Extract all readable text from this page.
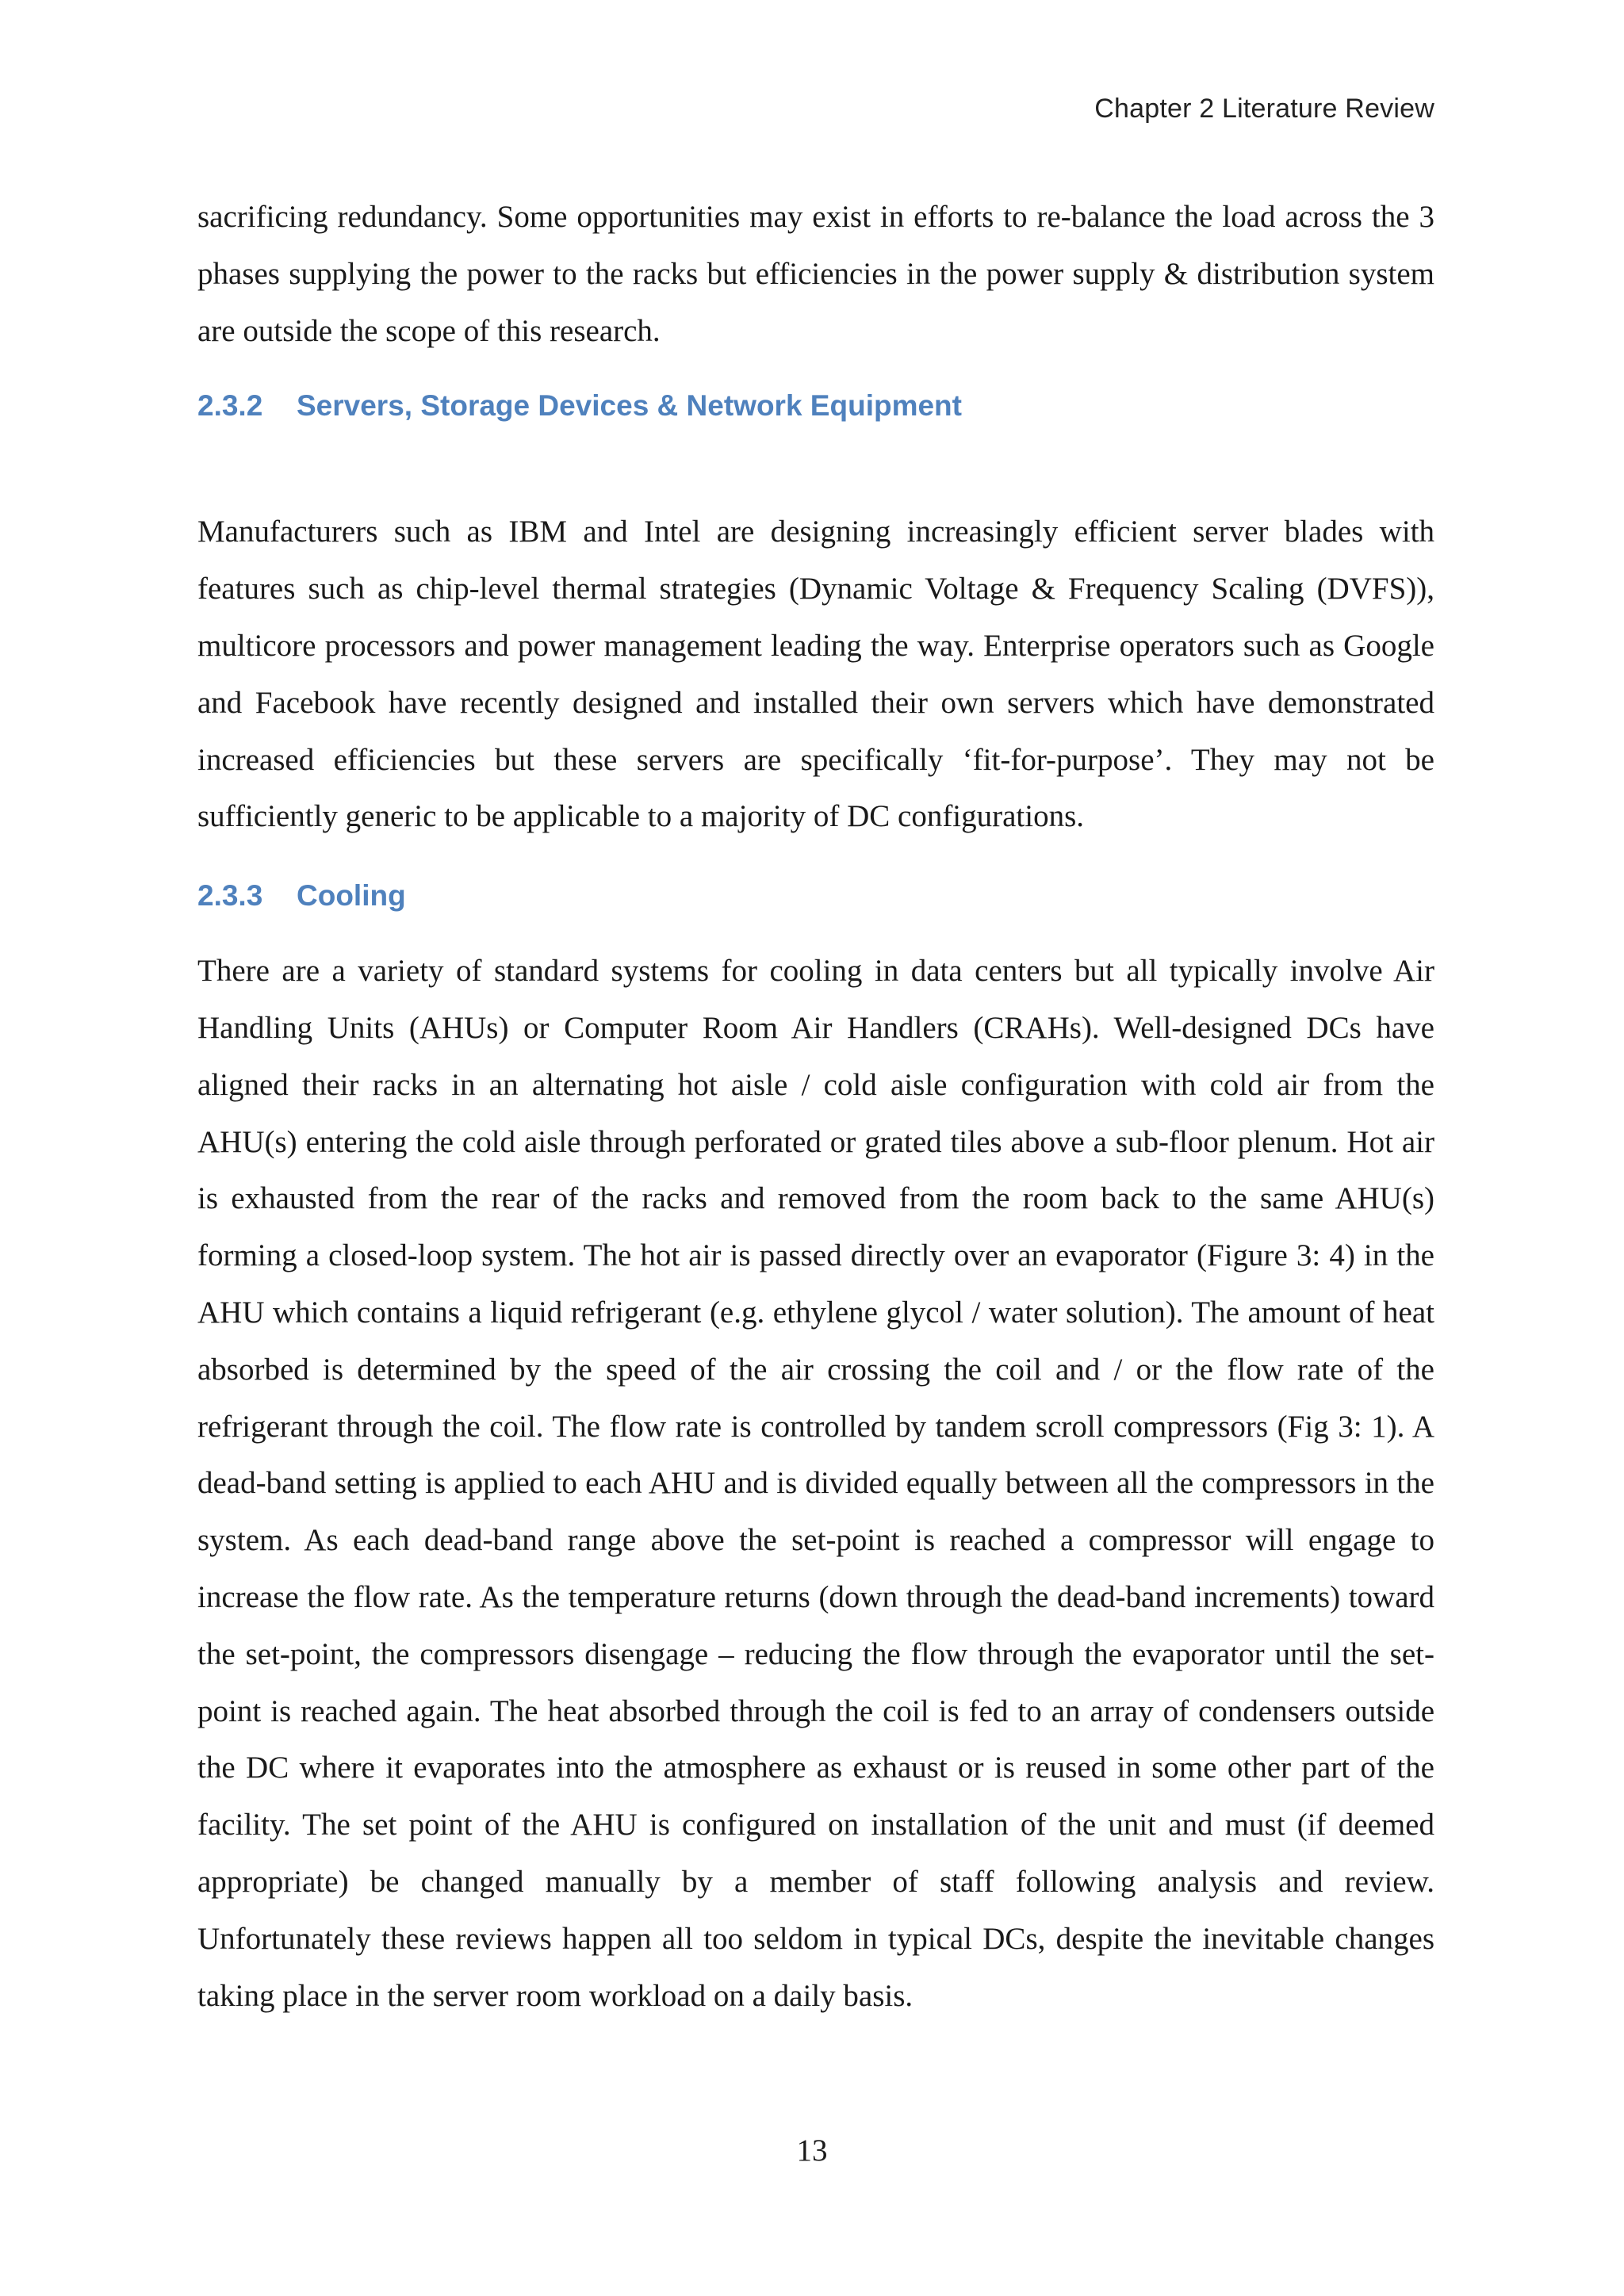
Chapter 2 Literature Review

sacrificing redundancy. Some opportunities may exist in efforts to re-balance the load across the 3 phases supplying the power to the racks but efficiencies in the power supply & distribution system are outside the scope of this research.

2.3.2 Servers, Storage Devices & Network Equipment

Manufacturers such as IBM and Intel are designing increasingly efficient server blades with features such as chip-level thermal strategies (Dynamic Voltage & Frequency Scaling (DVFS)), multicore processors and power management leading the way. Enterprise operators such as Google and Facebook have recently designed and installed their own servers which have demonstrated increased efficiencies but these servers are specifically ‘fit-for-purpose’. They may not be sufficiently generic to be applicable to a majority of DC configurations.

2.3.3 Cooling

There are a variety of standard systems for cooling in data centers but all typically involve Air Handling Units (AHUs) or Computer Room Air Handlers (CRAHs). Well-designed DCs have aligned their racks in an alternating hot aisle / cold aisle configuration with cold air from the AHU(s) entering the cold aisle through perforated or grated tiles above a sub-floor plenum. Hot air is exhausted from the rear of the racks and removed from the room back to the same AHU(s) forming a closed-loop system. The hot air is passed directly over an evaporator (Figure 3: 4) in the AHU which contains a liquid refrigerant (e.g. ethylene glycol / water solution). The amount of heat absorbed is determined by the speed of the air crossing the coil and / or the flow rate of the refrigerant through the coil. The flow rate is controlled by tandem scroll compressors (Fig 3: 1). A dead-band setting is applied to each AHU and is divided equally between all the compressors in the system. As each dead-band range above the set-point is reached a compressor will engage to increase the flow rate. As the temperature returns (down through the dead-band increments) toward the set-point, the compressors disengage – reducing the flow through the evaporator until the set-point is reached again. The heat absorbed through the coil is fed to an array of condensers outside the DC where it evaporates into the atmosphere as exhaust or is reused in some other part of the facility. The set point of the AHU is configured on installation of the unit and must (if deemed appropriate) be changed manually by a member of staff following analysis and review. Unfortunately these reviews happen all too seldom in typical DCs, despite the inevitable changes taking place in the server room workload on a daily basis.

13
